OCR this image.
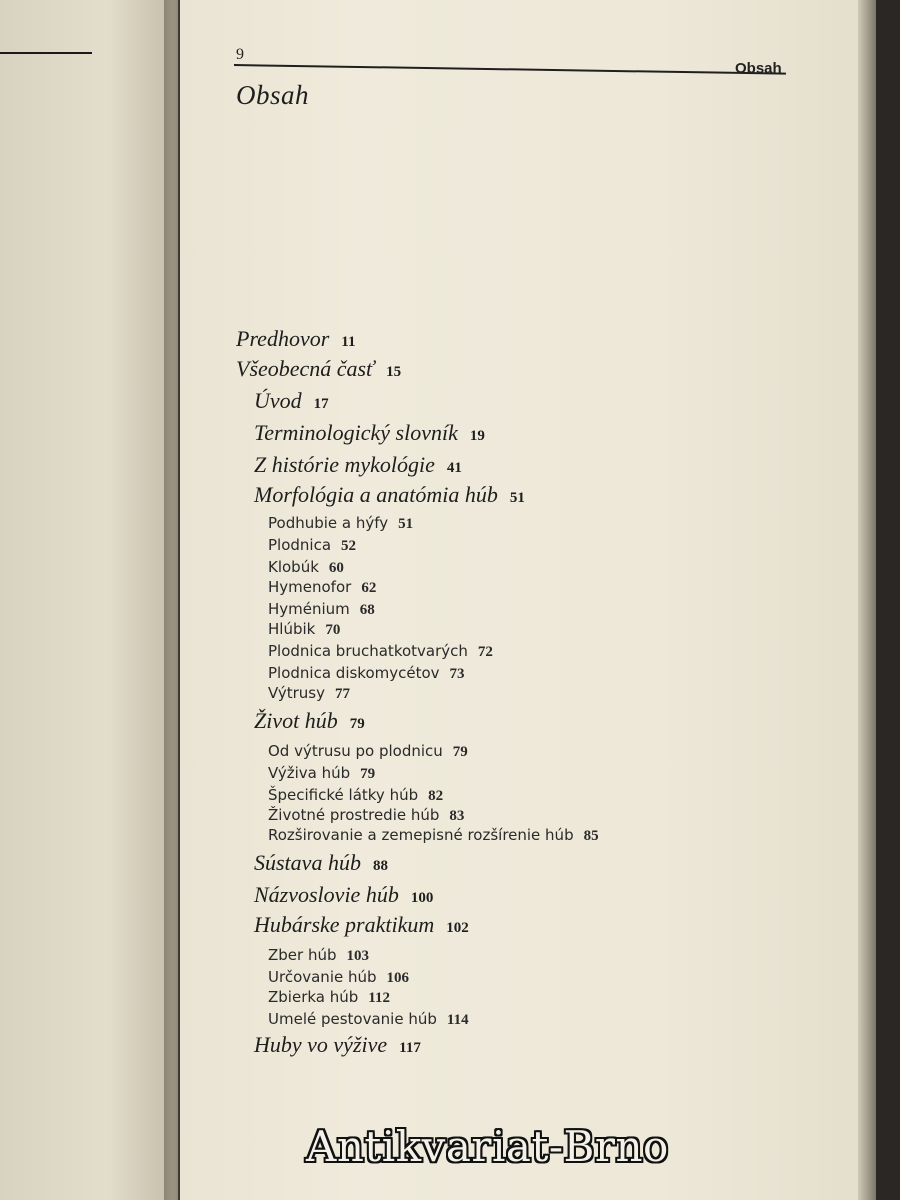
9
Obsah
Obsah
Predhovor 11
Všeobecná časť 15
Úvod 17
Terminologický slovník 19
Z histórie mykológie 41
Morfológia a anatómia húb 51
Podhubie a hýfy 51
Plodnica 52
Klobúk 60
Hymenofor 62
Hyménium 68
Hlúbik 70
Plodnica bruchatkotvarých 72
Plodnica diskomycétov 73
Výtrusy 77
Život húb 79
Od výtrusu po plodnicu 79
Výživa húb 79
Špecifické látky húb 82
Životné prostredie húb 83
Rozširovanie a zemepisné rozšírenie húb 85
Sústava húb 88
Názvoslovie húb 100
Hubárske praktikum 102
Zber húb 103
Určovanie húb 106
Zbierka húb 112
Umelé pestovanie húb 114
Huby vo výžive 117
Antikvariat-Brno
